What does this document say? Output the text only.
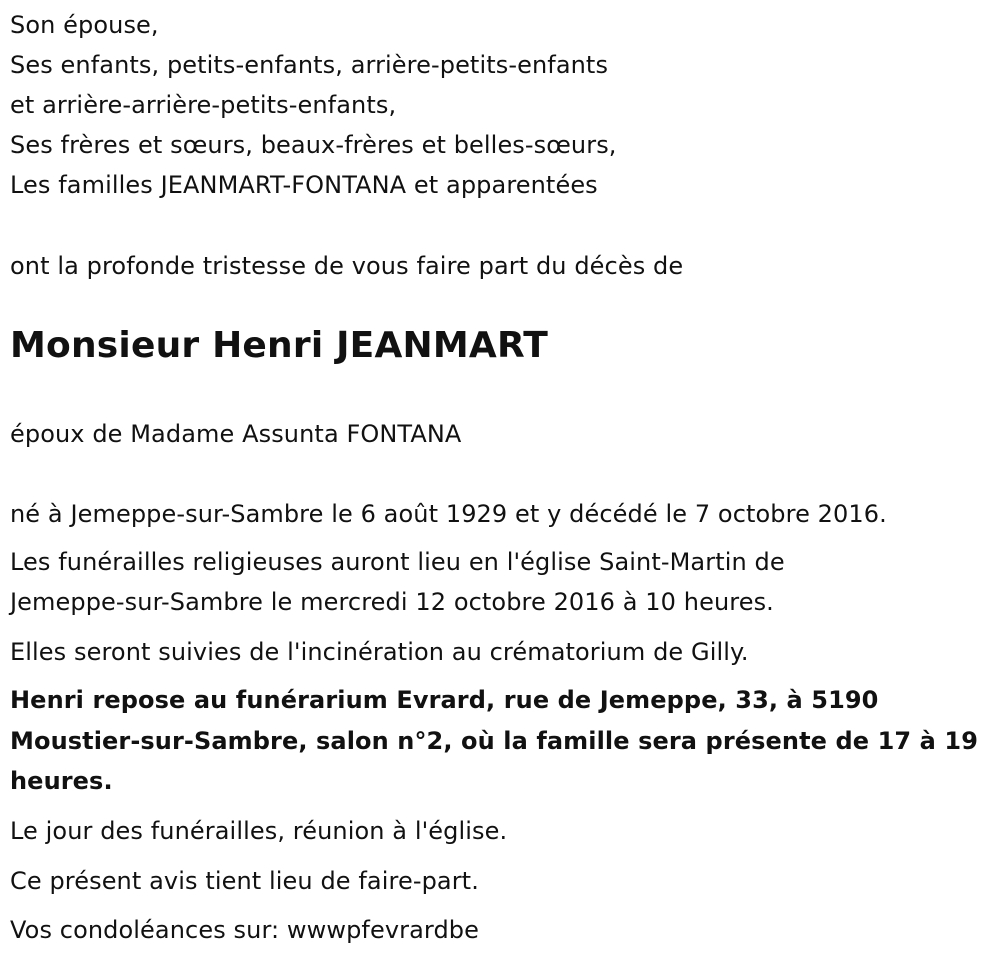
Son épouse,

Ses enfants, petits-enfants, arrière-petits-enfants

et arrière-arrière-petits-enfants,

Ses frères et sœurs, beaux-frères et belles-sœurs,

Les familles JEANMART-FONTANA et apparentées

ont la profonde tristesse de vous faire part du décès de

Monsieur Henri JEANMART

époux de Madame Assunta FONTANA

né à Jemeppe-sur-Sambre le 6 août 1929 et y décédé le 7 octobre 2016.

Les funérailles religieuses auront lieu en l'église Saint-Martin de

Jemeppe-sur-Sambre le mercredi 12 octobre 2016 à 10 heures.

Elles seront suivies de l'incinération au crématorium de Gilly.

Henri repose au funérarium Evrard, rue de Jemeppe, 33, à 5190

Moustier-sur-Sambre, salon n°2, où la famille sera présente de 17 à 19

heures.

Le jour des funérailles, réunion à l'église.

Ce présent avis tient lieu de faire-part.

Vos condoléances sur: wwwpfevrardbe
